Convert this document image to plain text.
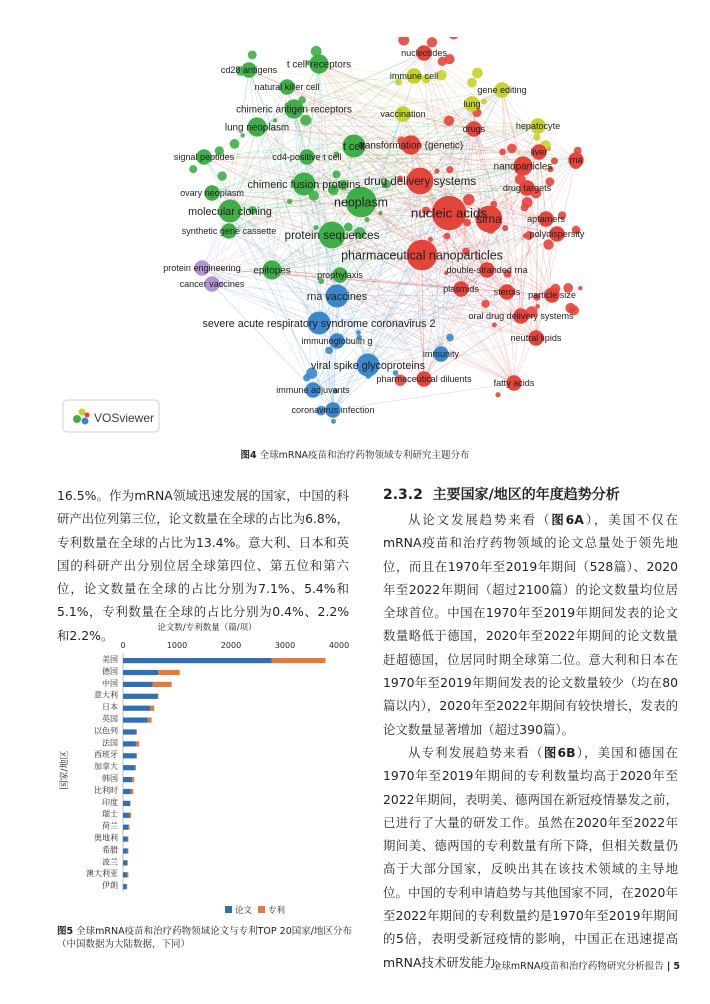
nucleotides
cd28 antigens t cell receptors
immune cell
gene editing
natural killer cell
lung
chimeric antigen receptors	vaccination
drugs	hepatocyte
lung neoplasm
t cell
transformation (genetic)
liver
signal peptides	cd4-positive t cell
nanoparticles
rna
chimeric fusion proteins drug delivery systems
drug targets
ovary neoplasm
neoplasm
molecular cloning	nucleic acids
sirna	aptamers
synthetic gene cassette protein sequences	polydispersity
pharmaceutical nanoparticles
protein engineering epitopes	prophylaxis	double-stranded rna
cancer vaccines	plasmids sterols particle size
rna vaccines
oral drug delivery systems
severe acute respiratory syndrome coronavirus 2
neutral lipids
immunoglobulin g
immunity
viral spike glycoproteins
pharmaceutical diluents fatty acids
immune adjuvants
coronavirus infection
VOSviewer
图4 全球mRNA疫苗和治疗药物领域专利研究主题分布

16.5%。作为mRNA领域迅速发展的国家，中国的科研产出位列第三位，论文数量在全球的占比为6.8%，专利数量在全球的占比为13.4%。意大利、日本和英国的科研产出分别位居全球第四位、第五位和第六位，论文数量在全球的占比分别为7.1%、5.4%和5.1%，专利数量在全球的占比分别为0.4%、2.2%和2.2%。	论文数/专利数量（篇/项）
0	1000	2000	3000	4000
国家/地区
美国
德国
中国
意大利
日本
英国
以色列
法国
西班牙
加拿大
韩国
比利时
印度
瑞士
荷兰
奥地利
希腊
波兰
澳大利亚
伊朗
论文 专利
图5 全球mRNA疫苗和治疗药物领域论文与专利TOP 20国家/地区分布（中国数据为大陆数据，下同）
2.3.2 主要国家/地区的年度趋势分析

从论文发展趋势来看（图6A），美国不仅在mRNA疫苗和治疗药物领域的论文总量处于领先地位，而且在1970年至2019年期间（528篇）、2020年至2022年期间（超过2100篇）的论文数量均位居全球首位。中国在1970年至2019年期间发表的论文数量略低于德国，2020年至2022年期间的论文数量赶超德国，位居同时期全球第二位。意大利和日本在1970年至2019年期间发表的论文数量较少（均在80篇以内），2020年至2022年期间有较快增长，发表的论文数量显著增加（超过390篇）。

从专利发展趋势来看（图6B），美国和德国在1970年至2019年期间的专利数量均高于2020年至2022年期间，表明美、德两国在新冠疫情暴发之前，已进行了大量的研发工作。虽然在2020年至2022年期间美、德两国的专利数量有所下降，但相关数量仍高于大部分国家，反映出其在该技术领域的主导地位。中国的专利申请趋势与其他国家不同，在2020年至2022年期间的专利数量约是1970年至2019年期间的5倍，表明受新冠疫情的影响，中国正在迅速提高mRNA技术研发能力。

全球mRNA疫苗和治疗药物研究分析报告 | 5
